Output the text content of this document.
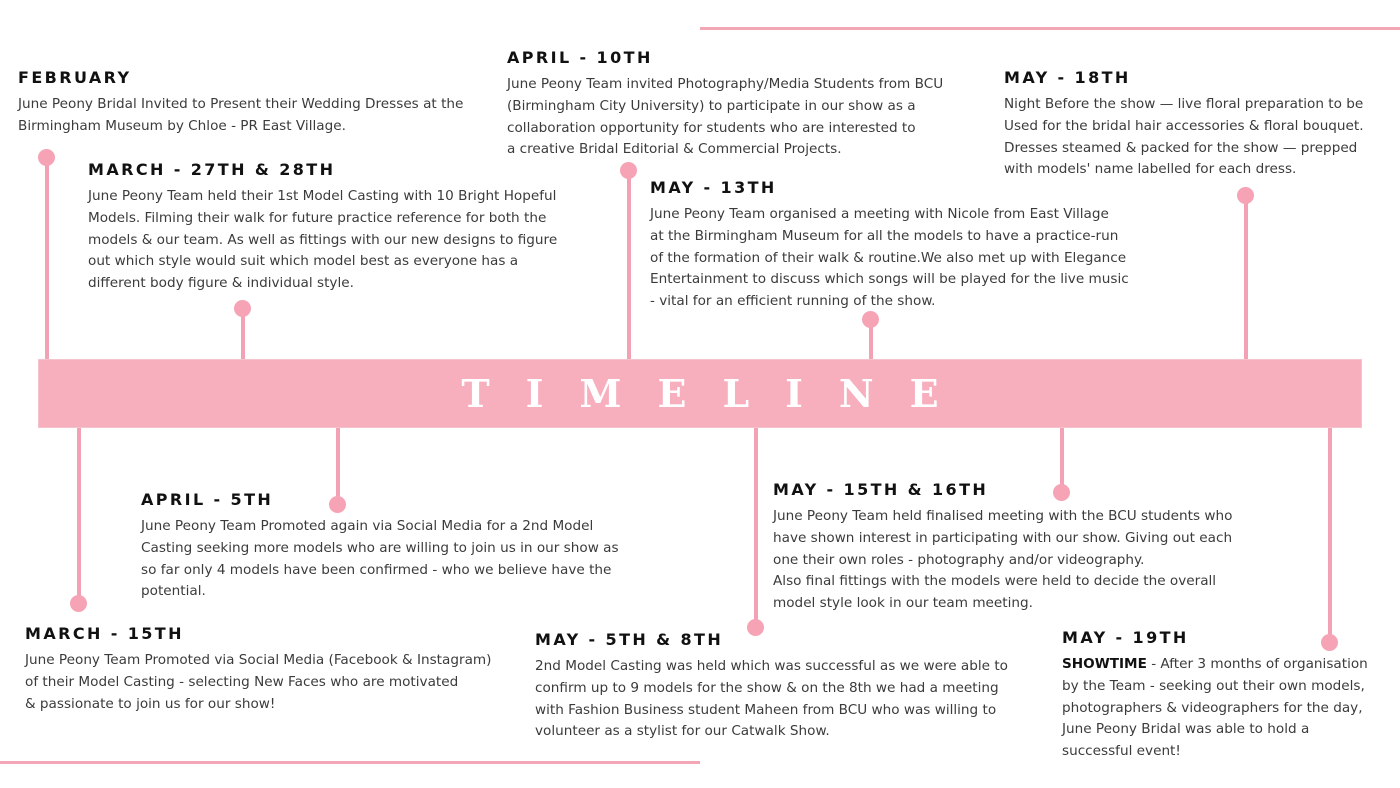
TIMELINE
FEBRUARY

June Peony Bridal Invited to Present their Wedding Dresses at the
Birmingham Museum by Chloe - PR East Village.

MARCH - 27TH & 28TH

June Peony Team held their 1st Model Casting with 10 Bright Hopeful
Models. Filming their walk for future practice reference for both the
models & our team. As well as fittings with our new designs to figure
out which style would suit which model best as everyone has a
different body figure & individual style.

APRIL - 10TH

June Peony Team invited Photography/Media Students from BCU
(Birmingham City University) to participate in our show as a
collaboration opportunity for students who are interested to
a creative Bridal Editorial & Commercial Projects.

MAY - 13TH

June Peony Team organised a meeting with Nicole from East Village
at the Birmingham Museum for all the models to have a practice-run
of the formation of their walk & routine.We also met up with Elegance
Entertainment to discuss which songs will be played for the live music
- vital for an efficient running of the show.

MAY - 18TH

Night Before the show — live floral preparation to be
Used for the bridal hair accessories & floral bouquet.
Dresses steamed & packed for the show — prepped
with models' name labelled for each dress.

APRIL - 5TH

June Peony Team Promoted again via Social Media for a 2nd Model
Casting seeking more models who are willing to join us in our show as
so far only 4 models have been confirmed - who we believe have the
potential.

MARCH - 15TH

June Peony Team Promoted via Social Media (Facebook & Instagram)
of their Model Casting - selecting New Faces who are motivated
& passionate to join us for our show!

MAY - 5TH & 8TH

2nd Model Casting was held which was successful as we were able to
confirm up to 9 models for the show & on the 8th we had a meeting
with Fashion Business student Maheen from BCU who was willing to
volunteer as a stylist for our Catwalk Show.

MAY - 15TH & 16TH

June Peony Team held finalised meeting with the BCU students who
have shown interest in participating with our show. Giving out each
one their own roles - photography and/or videography.
Also final fittings with the models were held to decide the overall
model style look in our team meeting.

MAY - 19TH

SHOWTIME - After 3 months of organisation
by the Team - seeking out their own models,
photographers & videographers for the day,
June Peony Bridal was able to hold a
successful event!
